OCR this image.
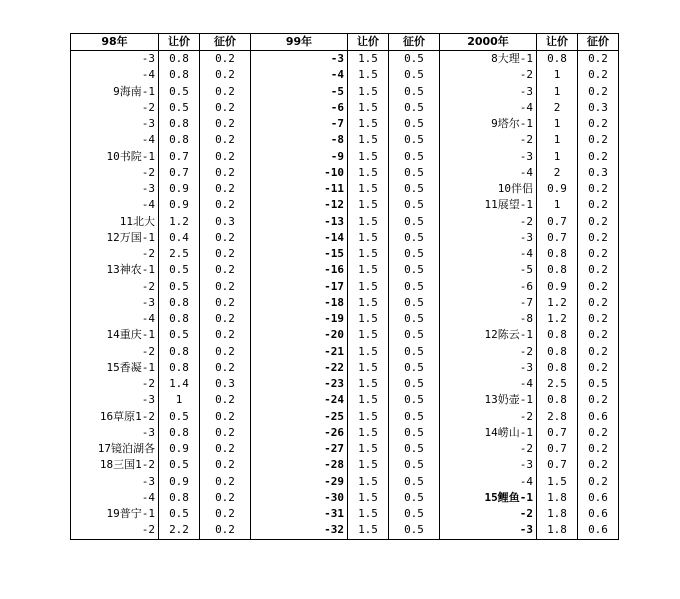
98年	让价	征价	99年	让价	征价	2000年	让价	征价
-3	0.8	0.2	-3	1.5	0.5	8大理-1	0.8	0.2
-4	0.8	0.2	-4	1.5	0.5	-2	1	0.2
9海南-1	0.5	0.2	-5	1.5	0.5	-3	1	0.2
-2	0.5	0.2	-6	1.5	0.5	-4	2	0.3
-3	0.8	0.2	-7	1.5	0.5	9塔尔-1	1	0.2
-4	0.8	0.2	-8	1.5	0.5	-2	1	0.2
10书院-1	0.7	0.2	-9	1.5	0.5	-3	1	0.2
-2	0.7	0.2	-10	1.5	0.5	-4	2	0.3
-3	0.9	0.2	-11	1.5	0.5	10伴侣	0.9	0.2
-4	0.9	0.2	-12	1.5	0.5	11展望-1	1	0.2
11北大	1.2	0.3	-13	1.5	0.5	-2	0.7	0.2
12万国-1	0.4	0.2	-14	1.5	0.5	-3	0.7	0.2
-2	2.5	0.2	-15	1.5	0.5	-4	0.8	0.2
13神农-1	0.5	0.2	-16	1.5	0.5	-5	0.8	0.2
-2	0.5	0.2	-17	1.5	0.5	-6	0.9	0.2
-3	0.8	0.2	-18	1.5	0.5	-7	1.2	0.2
-4	0.8	0.2	-19	1.5	0.5	-8	1.2	0.2
14重庆-1	0.5	0.2	-20	1.5	0.5	12陈云-1	0.8	0.2
-2	0.8	0.2	-21	1.5	0.5	-2	0.8	0.2
15香凝-1	0.8	0.2	-22	1.5	0.5	-3	0.8	0.2
-2	1.4	0.3	-23	1.5	0.5	-4	2.5	0.5
-3	1	0.2	-24	1.5	0.5	13奶壶-1	0.8	0.2
16草原1-2	0.5	0.2	-25	1.5	0.5	-2	2.8	0.6
-3	0.8	0.2	-26	1.5	0.5	14崂山-1	0.7	0.2
17镜泊湖各	0.9	0.2	-27	1.5	0.5	-2	0.7	0.2
18三国1-2	0.5	0.2	-28	1.5	0.5	-3	0.7	0.2
-3	0.9	0.2	-29	1.5	0.5	-4	1.5	0.2
-4	0.8	0.2	-30	1.5	0.5	15鲤鱼-1	1.8	0.6
19普宁-1	0.5	0.2	-31	1.5	0.5	-2	1.8	0.6
-2	2.2	0.2	-32	1.5	0.5	-3	1.8	0.6
